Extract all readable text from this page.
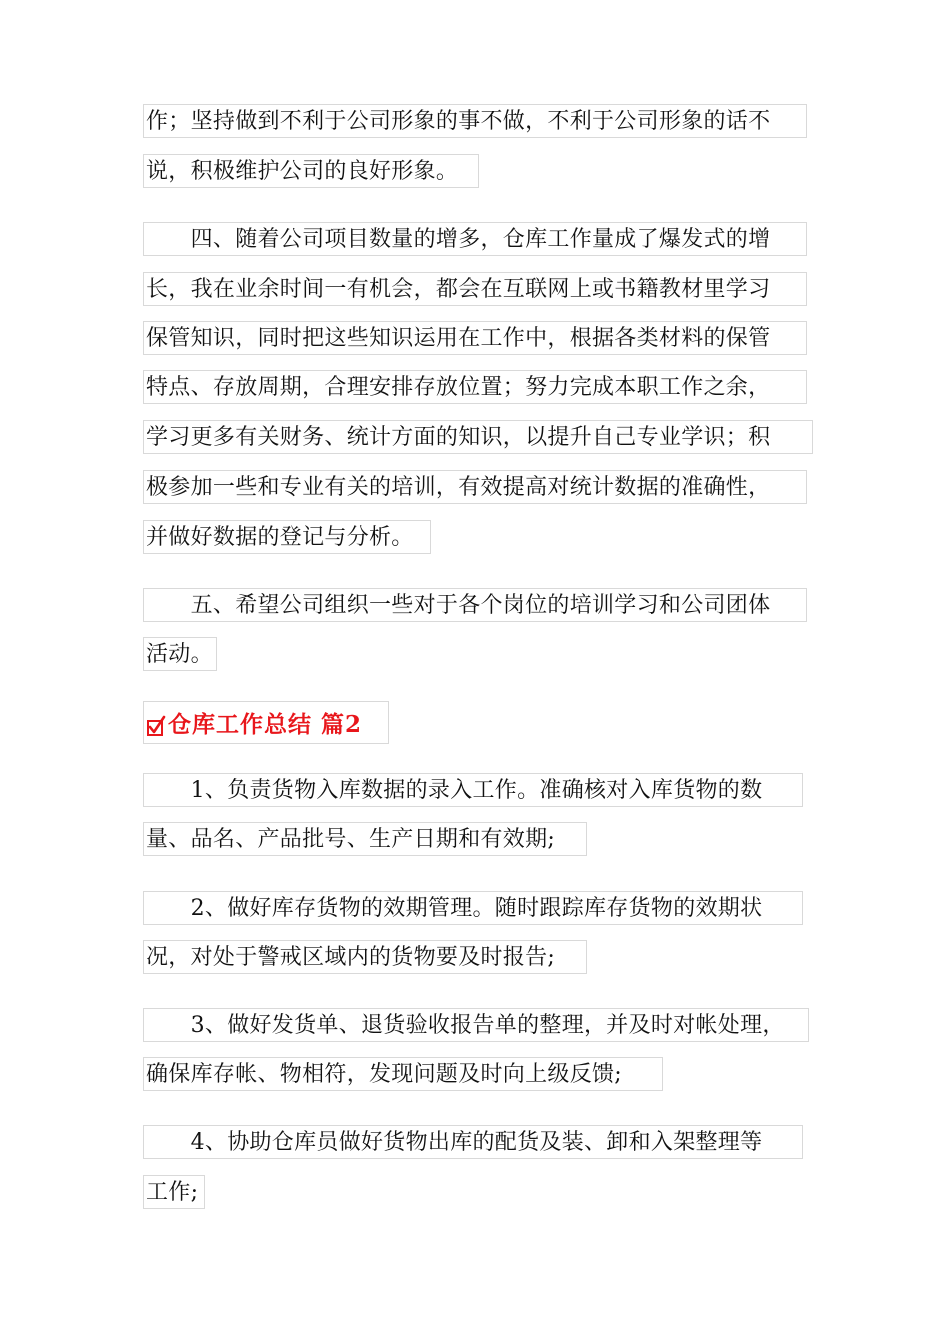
作；坚持做到不利于公司形象的事不做，不利于公司形象的话不
说，积极维护公司的良好形象。
　　四、随着公司项目数量的增多，仓库工作量成了爆发式的增
长，我在业余时间一有机会，都会在互联网上或书籍教材里学习
保管知识，同时把这些知识运用在工作中，根据各类材料的保管
特点、存放周期，合理安排存放位置；努力完成本职工作之余，
学习更多有关财务、统计方面的知识，以提升自己专业学识；积
极参加一些和专业有关的培训，有效提高对统计数据的准确性，
并做好数据的登记与分析。
　　五、希望公司组织一些对于各个岗位的培训学习和公司团体
活动。
仓库工作总结 篇2
　　1、负责货物入库数据的录入工作。准确核对入库货物的数
量、品名、产品批号、生产日期和有效期;
　　2、做好库存货物的效期管理。随时跟踪库存货物的效期状
况，对处于警戒区域内的货物要及时报告;
　　3、做好发货单、退货验收报告单的整理，并及时对帐处理，
确保库存帐、物相符，发现问题及时向上级反馈;
　　4、协助仓库员做好货物出库的配货及装、卸和入架整理等
工作;
